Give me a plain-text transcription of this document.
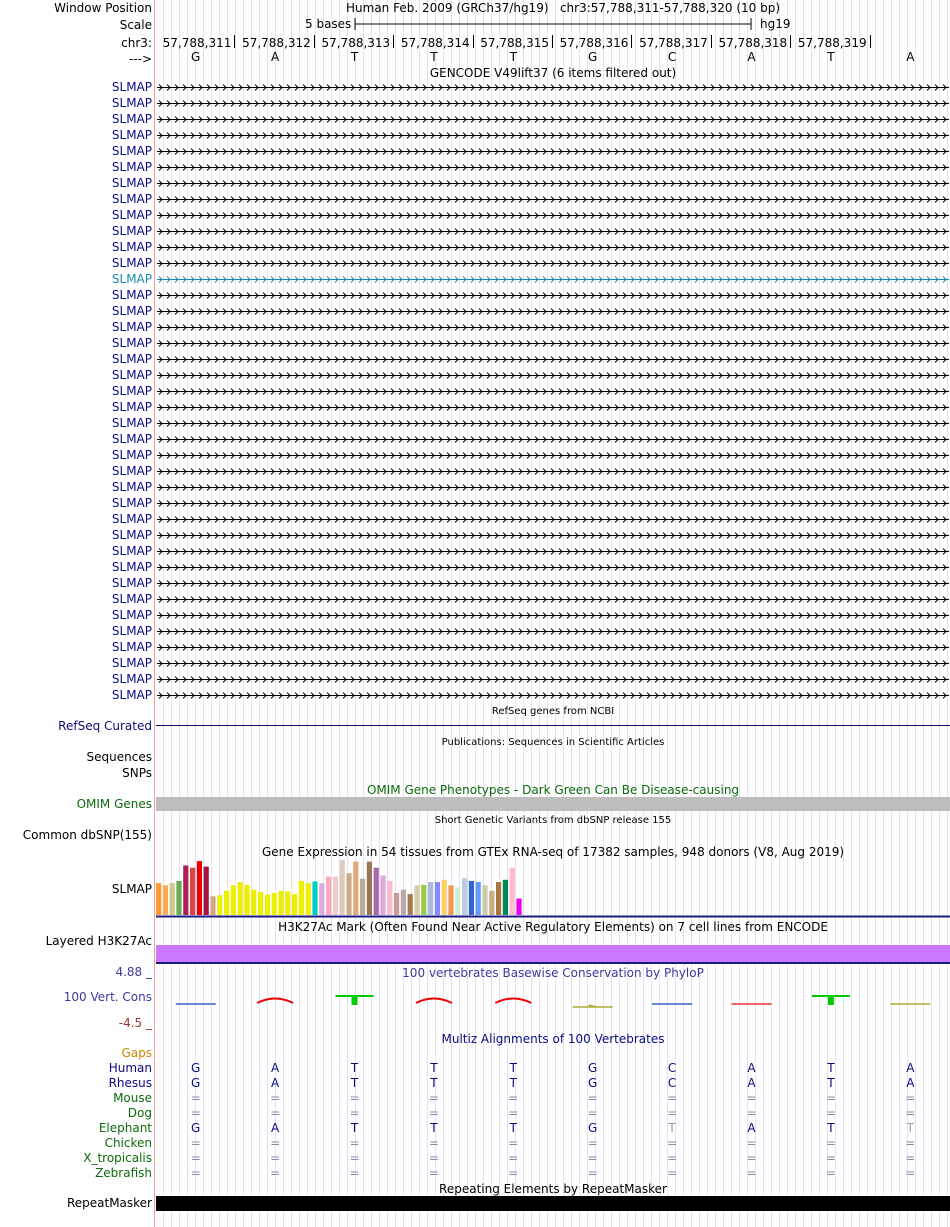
Window Position	Human Feb. 2009 (GRCh37/hg19)   chr3:57,788,311-57,788,320 (10 bp)
Scale	5 bases	hg19
chr3: 57,788,311 57,788,312 57,788,313 57,788,314 57,788,315 57,788,316 57,788,317 57,788,318 57,788,319
--->	G	A	T	T	T	G	C	A	T	A
GENCODE V49lift37 (6 items filtered out)
SLMAP
SLMAP
SLMAP
SLMAP
SLMAP
SLMAP
SLMAP
SLMAP
SLMAP
SLMAP
SLMAP
SLMAP
SLMAP
SLMAP
SLMAP
SLMAP
SLMAP
SLMAP
SLMAP
SLMAP
SLMAP
SLMAP
SLMAP
SLMAP
SLMAP
SLMAP
SLMAP
SLMAP
SLMAP
SLMAP
SLMAP
SLMAP
SLMAP
SLMAP
SLMAP
SLMAP
SLMAP
SLMAP
SLMAP
RefSeq genes from NCBI
RefSeq Curated
Publications: Sequences in Scientific Articles
Sequences
SNPs
OMIM Gene Phenotypes - Dark Green Can Be Disease-causing
OMIM Genes
Short Genetic Variants from dbSNP release 155
Common dbSNP(155)
Gene Expression in 54 tissues from GTEx RNA-seq of 17382 samples, 948 donors (V8, Aug 2019)
SLMAP
H3K27Ac Mark (Often Found Near Active Regulatory Elements) on 7 cell lines from ENCODE
Layered H3K27Ac
100 vertebrates Basewise Conservation by PhyloP
4.88 _
100 Vert. Cons
-4.5 _
Multiz Alignments of 100 Vertebrates
Gaps
Human	G	A	T	T	T	G	C	A	T	A
Rhesus	G	A	T	T	T	G	C	A	T	A
Mouse	=	=	=	=	=	=	=	=	=	=
Dog	=	=	=	=	=	=	=	=	=	=
Elephant	G	A	T	T	T	G	T	A	T	T
Chicken	=	=	=	=	=	=	=	=	=	=
X_tropicalis	=	=	=	=	=	=	=	=	=	=
Zebrafish	=	=	=	=	=	=	=	=	=	=
Repeating Elements by RepeatMasker
RepeatMasker
